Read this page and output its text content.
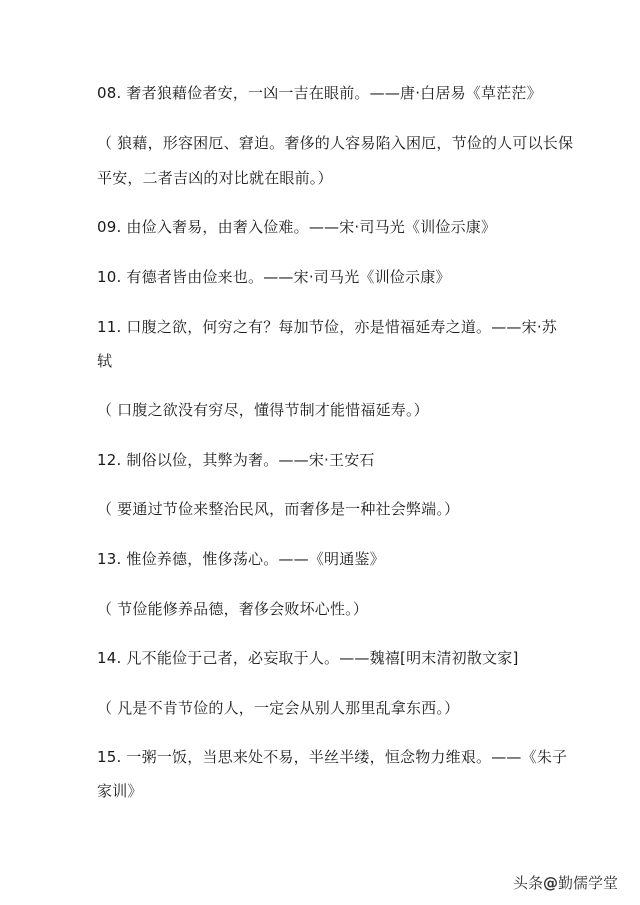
08. 奢者狼藉俭者安，一凶一吉在眼前。——唐·白居易《草茫茫》
（ 狼藉，形容困厄、窘迫。奢侈的人容易陷入困厄，节俭的人可以长保
平安，二者吉凶的对比就在眼前。）
09. 由俭入奢易，由奢入俭难。——宋·司马光《训俭示康》
10. 有德者皆由俭来也。——宋·司马光《训俭示康》
11. 口腹之欲，何穷之有？每加节俭，亦是惜福延寿之道。——宋·苏
轼
（ 口腹之欲没有穷尽，懂得节制才能惜福延寿。）
12. 制俗以俭，其弊为奢。——宋·王安石
（ 要通过节俭来整治民风，而奢侈是一种社会弊端。）
13. 惟俭养德，惟侈荡心。——《明通鉴》
（ 节俭能修养品德，奢侈会败坏心性。）
14. 凡不能俭于己者，必妄取于人。——魏禧[明末清初散文家]
（ 凡是不肯节俭的人，一定会从别人那里乱拿东西。）
15. 一粥一饭，当思来处不易，半丝半缕，恒念物力维艰。——《朱子
家训》
头条@勤儒学堂
